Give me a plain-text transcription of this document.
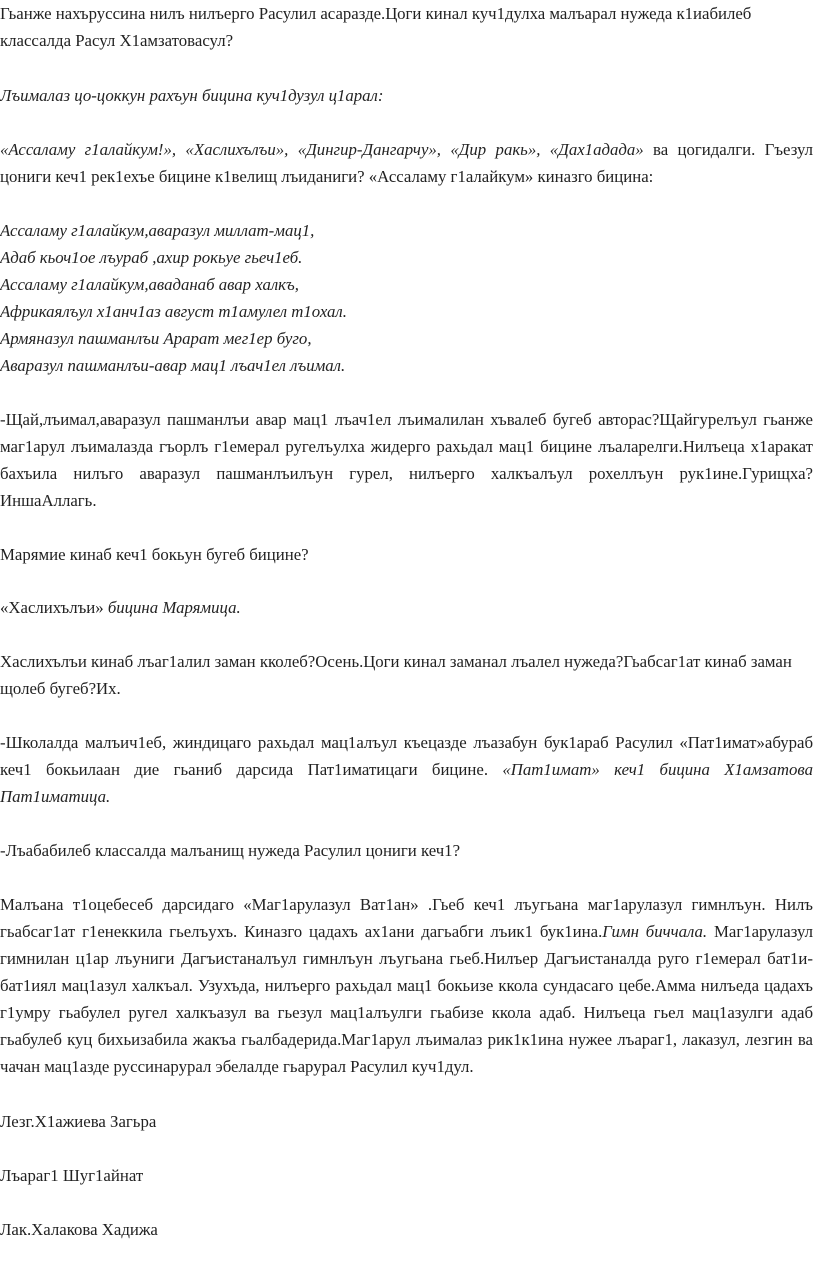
Гьанже нахъруссина нилъ нилъерго Расулил асаразде.Цоги кинал куч1дулха малъарал нужеда к1иабилеб классалда Расул Х1амзатовасул?

Лъималаз цо-цоккун рахъун бицина куч1дузул ц1арал:

«Ассаламу г1алайкум!», «Хаслихълъи», «Дингир-Дангарчу», «Дир ракь», «Дах1адада» ва цогидалги. Гъезул цониги кеч1 рек1ехъе бицине к1велищ лъиданиги? «Ассаламу г1алайкум» киназго бицина:

Ассаламу г1алайкум,аваразул миллат-мац1,

Адаб кьоч1ое лъураб ,ахир рокьуе гьеч1еб.

Ассаламу г1алайкум,аваданаб авар халкъ,

Африкаялъул х1анч1аз август т1амулел т1охал.

Армяназул пашманлъи Арарат мег1ер буго,

Аваразул пашманлъи-авар мац1 лъач1ел лъимал.

-Щай,лъимал,аваразул пашманлъи авар мац1 лъач1ел лъималилан хъвалеб бугеб авторас?Щайгурелъул гьанже маг1арул лъималазда гъорлъ г1емерал ругелъулха жидерго рахьдал мац1 бицине лъаларелги.Нилъеца х1аракат бахъила нилъго аваразул пашманлъилъун гурел, нилъерго халкъалъул рохеллъун рук1ине.Гурищха?ИншаАллагь.

Марямие кинаб кеч1 бокьун бугеб бицине?

«Хаслихълъи» бицина Марямица.

Хаслихълъи кинаб лъаг1алил заман кколеб?Осень.Цоги кинал заманал лъалел нужеда?Гьабсаг1ат кинаб заман щолеб бугеб?Их.

-Школалда малъич1еб, жиндицаго рахьдал мац1алъул къецазде лъазабун бук1араб Расулил «Пат1имат»абураб кеч1 бокьилаан дие гьаниб дарсида Пат1иматицаги бицине. «Пат1имат» кеч1 бицина Х1амзатова Пат1иматица.

-Лъабабилеб классалда малъанищ нужеда Расулил цониги кеч1?

Малъана т1оцебесеб дарсидаго «Маг1арулазул Ват1ан» .Гьеб кеч1 лъугьана маг1арулазул гимнлъун. Нилъ гьабсаг1ат г1енеккила гьелъухъ. Киназго цадахъ ах1ани дагьабги лъик1 бук1ина.Гимн биччала. Маг1арулазул гимнилан ц1ар лъуниги Дагъистаналъул гимнлъун лъугьана гьеб.Нилъер Дагъистаналда руго г1емерал бат1и-бат1иял мац1азул халкъал. Узухъда, нилъерго рахьдал мац1 бокьизе ккола сундасаго цебе.Амма нилъеда цадахъ г1умру гьабулел ругел халкъазул ва гьезул мац1алъулги гьабизе ккола адаб. Нилъеца гьел мац1азулги адаб гьабулеб куц бихьизабила жакъа гьалбадерида.Маг1арул лъималаз рик1к1ина нужее лъараг1, лаказул, лезгин ва чачан мац1азде руссинарурал эбелалде гьарурал Расулил куч1дул.

Лезг.Х1ажиева Загьра

Лъараг1 Шуг1айнат

Лак.Халакова Хадижа
